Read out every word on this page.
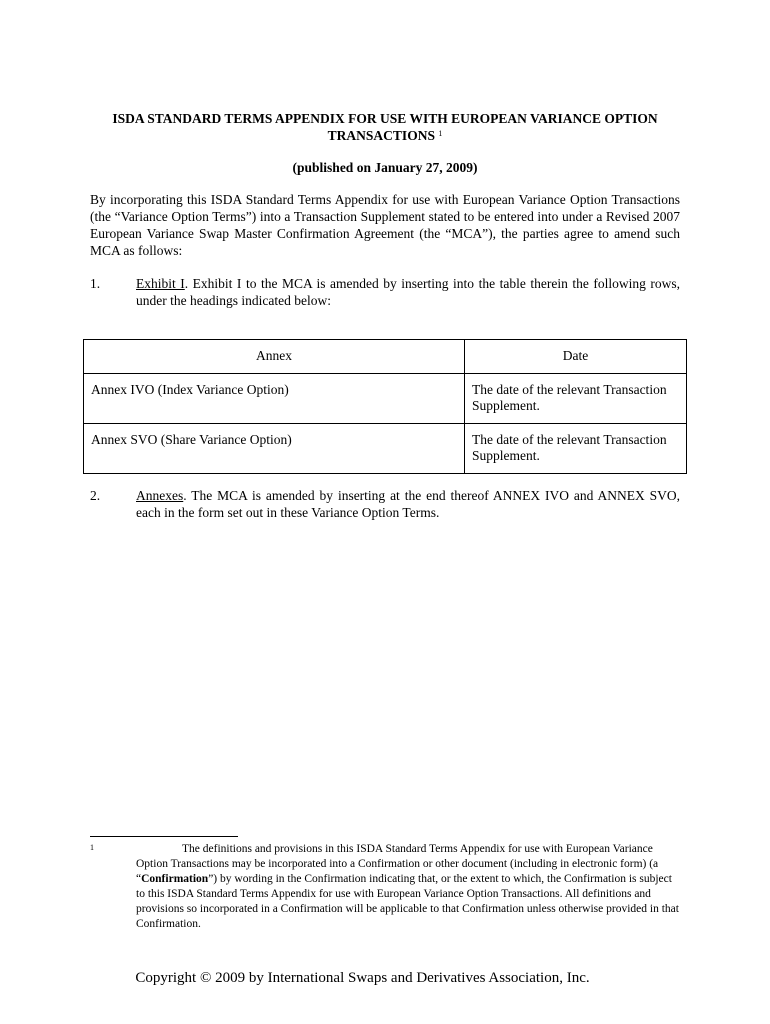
ISDA STANDARD TERMS APPENDIX FOR USE WITH EUROPEAN VARIANCE OPTION
TRANSACTIONS $^1$
(published on January 27, 2009)
By incorporating this ISDA Standard Terms Appendix for use with European Variance Option Transactions (the “Variance Option Terms”) into a Transaction Supplement stated to be entered into under a Revised 2007 European Variance Swap Master Confirmation Agreement (the “MCA”), the parties agree to amend such MCA as follows:
1.	Exhibit I. Exhibit I to the MCA is amended by inserting into the table therein the following rows, under the headings indicated below:
Annex	Date
Annex IVO (Index Variance Option)	The date of the relevant Transaction Supplement.
Annex SVO (Share Variance Option)	The date of the relevant Transaction Supplement.
2.	Annexes. The MCA is amended by inserting at the end thereof ANNEX IVO and ANNEX SVO, each in the form set out in these Variance Option Terms.
1	The definitions and provisions in this ISDA Standard Terms Appendix for use with European Variance Option Transactions may be incorporated into a Confirmation or other document (including in electronic form) (a “Confirmation”) by wording in the Confirmation indicating that, or the extent to which, the Confirmation is subject to this ISDA Standard Terms Appendix for use with European Variance Option Transactions. All definitions and provisions so incorporated in a Confirmation will be applicable to that Confirmation unless otherwise provided in that Confirmation.
Copyright © 2009 by International Swaps and Derivatives Association, Inc.
